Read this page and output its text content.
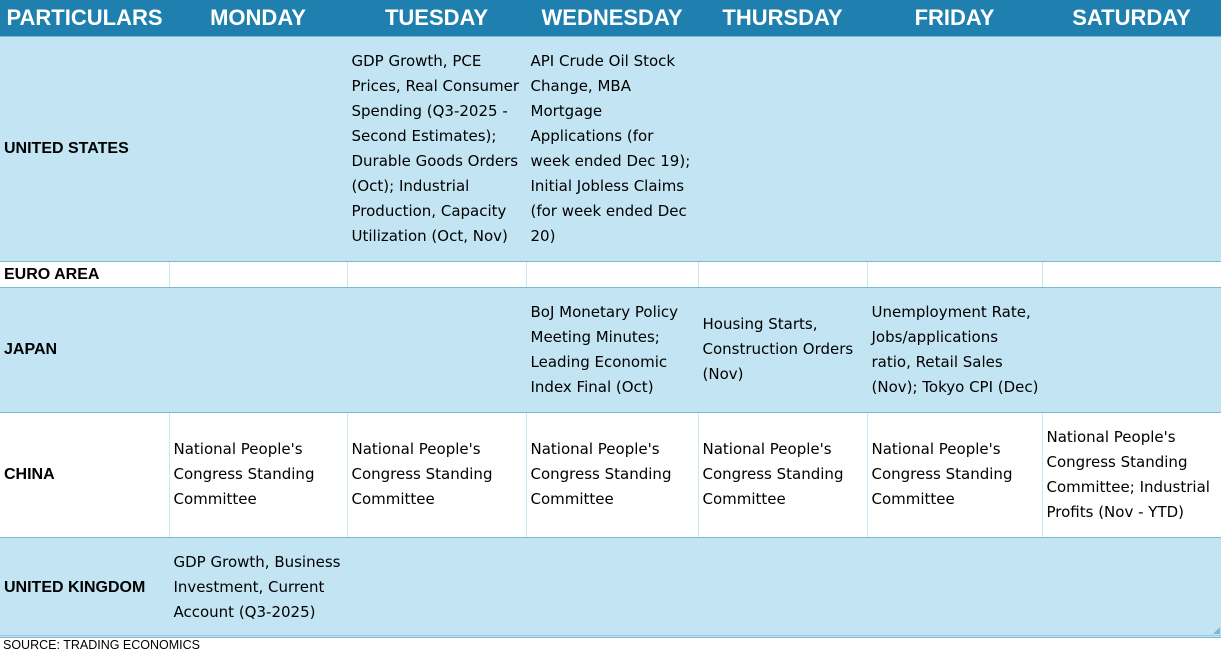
PARTICULARS	MONDAY	TUESDAY	WEDNESDAY	THURSDAY	FRIDAY	SATURDAY
UNITED STATES		GDP Growth, PCE Prices, Real Consumer Spending (Q3-2025 - Second Estimates); Durable Goods Orders (Oct); Industrial Production, Capacity Utilization (Oct, Nov)	API Crude Oil Stock Change, MBA Mortgage Applications (for week ended Dec 19); Initial Jobless Claims (for week ended Dec 20)			
EURO AREA						
JAPAN			BoJ Monetary Policy Meeting Minutes; Leading Economic Index Final (Oct)	Housing Starts, Construction Orders (Nov)	Unemployment Rate, Jobs/applications ratio, Retail Sales (Nov); Tokyo CPI (Dec)	
CHINA	National People's Congress Standing Committee	National People's Congress Standing Committee	National People's Congress Standing Committee	National People's Congress Standing Committee	National People's Congress Standing Committee	National People's Congress Standing Committee; Industrial Profits (Nov - YTD)
UNITED KINGDOM	GDP Growth, Business Investment, Current Account (Q3-2025)					
SOURCE: TRADING ECONOMICS
